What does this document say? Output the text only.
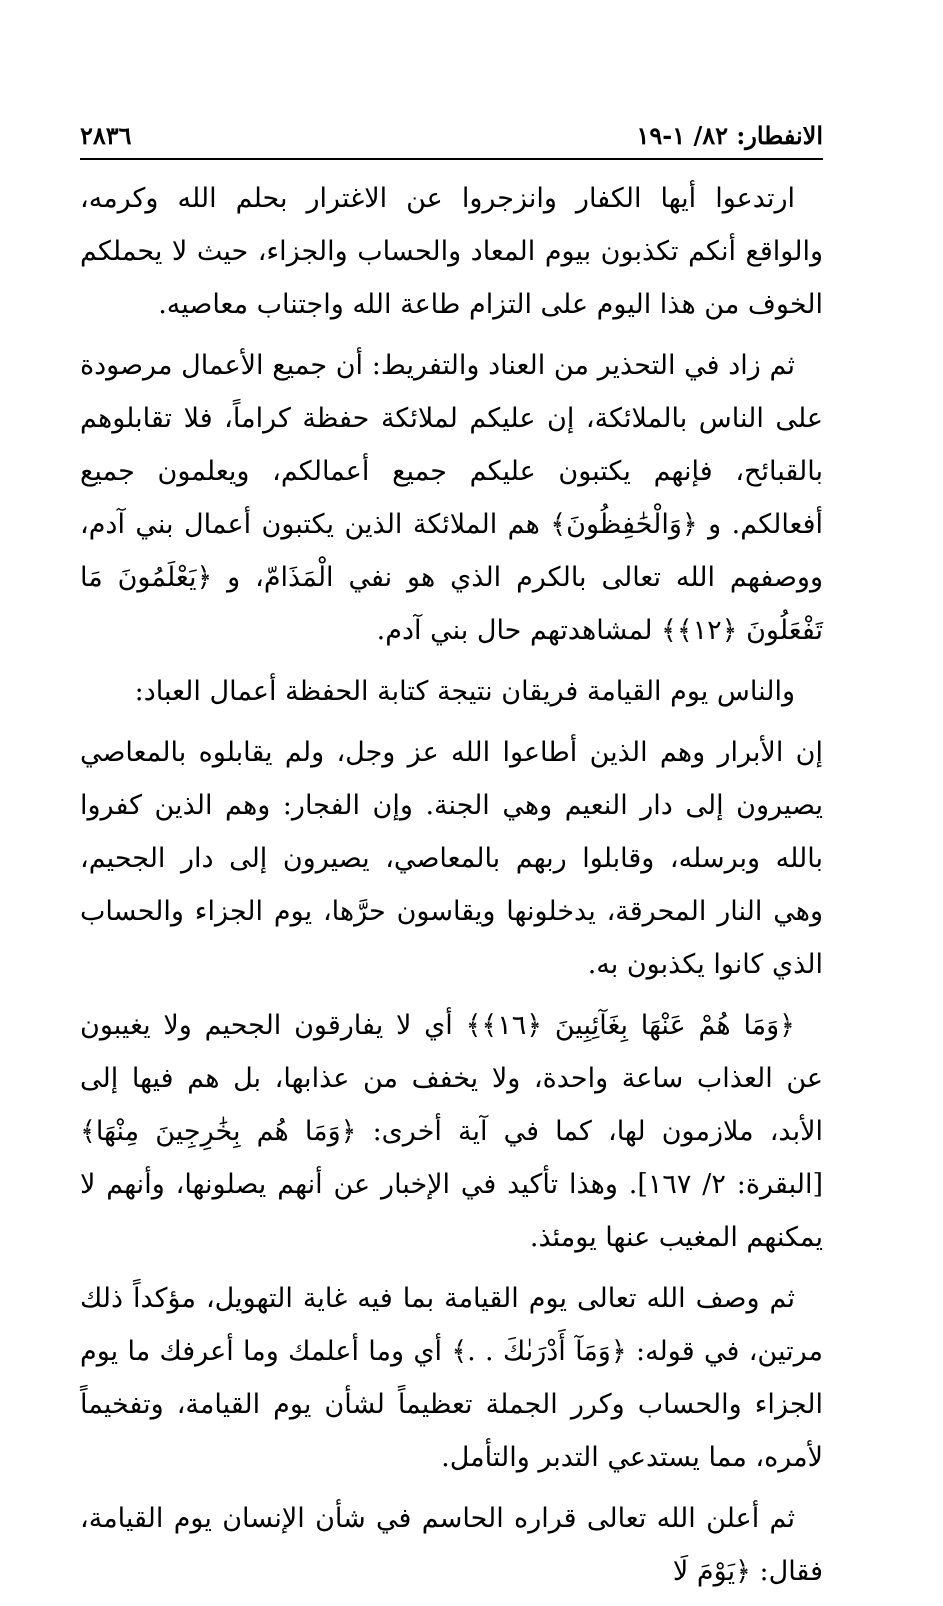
الانفطار: ٨٢/ ١-١٩
٢٨٣٦

ارتدعوا أيها الكفار وانزجروا عن الاغترار بحلم الله وكرمه، والواقع أنكم تكذبون بيوم المعاد والحساب والجزاء، حيث لا يحملكم الخوف من هذا اليوم على التزام طاعة الله واجتناب معاصيه.

ثم زاد في التحذير من العناد والتفريط: أن جميع الأعمال مرصودة على الناس بالملائكة، إن عليكم لملائكة حفظة كراماً، فلا تقابلوهم بالقبائح، فإنهم يكتبون عليكم جميع أعمالكم، ويعلمون جميع أفعالكم. و ﴿وَالْحَٰفِظُونَ﴾ هم الملائكة الذين يكتبون أعمال بني آدم، ووصفهم الله تعالى بالكرم الذي هو نفي الْمَذَامّ، و ﴿يَعْلَمُونَ مَا تَفْعَلُونَ ﴿١٢﴾﴾ لمشاهدتهم حال بني آدم.

والناس يوم القيامة فريقان نتيجة كتابة الحفظة أعمال العباد:

إن الأبرار وهم الذين أطاعوا الله عز وجل، ولم يقابلوه بالمعاصي يصيرون إلى دار النعيم وهي الجنة. وإن الفجار: وهم الذين كفروا بالله وبرسله، وقابلوا ربهم بالمعاصي، يصيرون إلى دار الجحيم، وهي النار المحرقة، يدخلونها ويقاسون حرَّها، يوم الجزاء والحساب الذي كانوا يكذبون به.

﴿وَمَا هُمْ عَنْهَا بِغَآئِبِينَ ﴿١٦﴾﴾ أي لا يفارقون الجحيم ولا يغيبون عن العذاب ساعة واحدة، ولا يخفف من عذابها، بل هم فيها إلى الأبد، ملازمون لها، كما في آية أخرى: ﴿وَمَا هُم بِخَٰرِجِينَ مِنْهَا﴾ [البقرة: ٢/ ١٦٧]. وهذا تأكيد في الإخبار عن أنهم يصلونها، وأنهم لا يمكنهم المغيب عنها يومئذ.

ثم وصف الله تعالى يوم القيامة بما فيه غاية التهويل، مؤكداً ذلك مرتين، في قوله: ﴿وَمَآ أَدْرَىٰكَ . .﴾ أي وما أعلمك وما أعرفك ما يوم الجزاء والحساب وكرر الجملة تعظيماً لشأن يوم القيامة، وتفخيماً لأمره، مما يستدعي التدبر والتأمل.

ثم أعلن الله تعالى قراره الحاسم في شأن الإنسان يوم القيامة، فقال: ﴿يَوْمَ لَا
